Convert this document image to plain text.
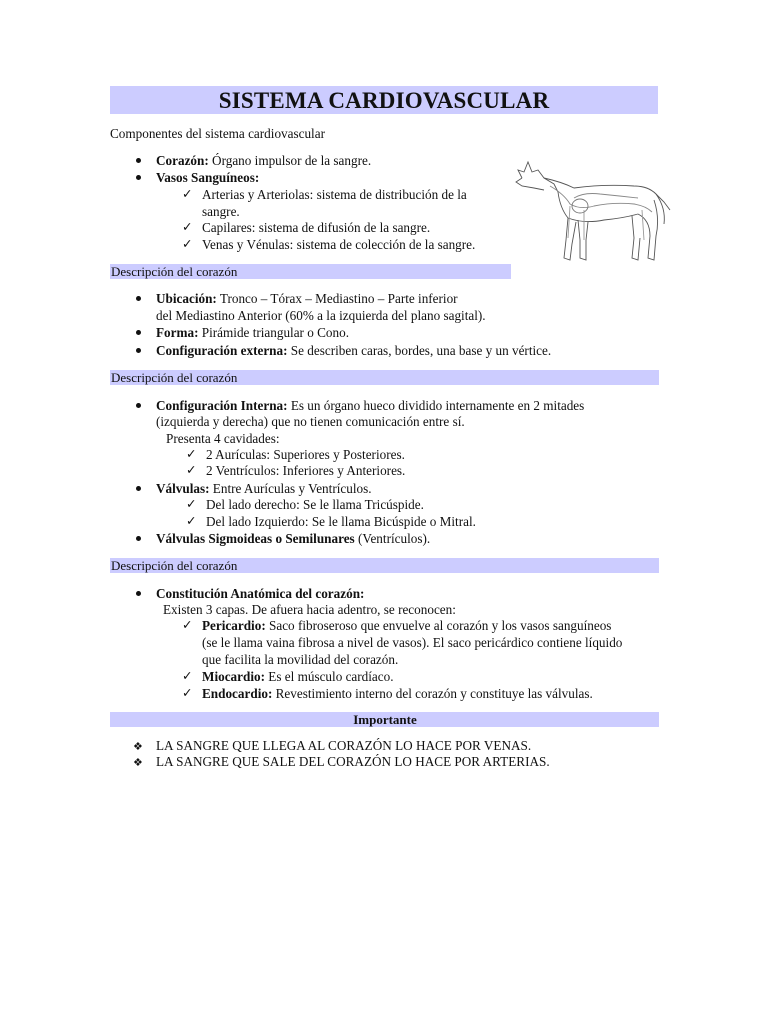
SISTEMA CARDIOVASCULAR
Componentes del sistema cardiovascular
Corazón: Órgano impulsor de la sangre.
Vasos Sanguíneos:
✓ Arterias y Arteriolas: sistema de distribución de la
sangre.
✓ Capilares: sistema de difusión de la sangre.
✓ Venas y Vénulas: sistema de colección de la sangre.
Descripción del corazón
Ubicación: Tronco – Tórax – Mediastino – Parte inferior
del Mediastino Anterior (60% a la izquierda del plano sagital).
Forma: Pirámide triangular o Cono.
Configuración externa: Se describen caras, bordes, una base y un vértice.
Descripción del corazón
Configuración Interna: Es un órgano hueco dividido internamente en 2 mitades
(izquierda y derecha) que no tienen comunicación entre sí.
Presenta 4 cavidades:
✓ 2 Aurículas: Superiores y Posteriores.
✓ 2 Ventrículos: Inferiores y Anteriores.
Válvulas: Entre Aurículas y Ventrículos.
✓ Del lado derecho: Se le llama Tricúspide.
✓ Del lado Izquierdo: Se le llama Bicúspide o Mitral.
Válvulas Sigmoideas o Semilunares (Ventrículos).
Descripción del corazón
Constitución Anatómica del corazón:
Existen 3 capas. De afuera hacia adentro, se reconocen:
✓ Pericardio: Saco fibroseroso que envuelve al corazón y los vasos sanguíneos
(se le llama vaina fibrosa a nivel de vasos). El saco pericárdico contiene líquido
que facilita la movilidad del corazón.
✓ Miocardio: Es el músculo cardíaco.
✓ Endocardio: Revestimiento interno del corazón y constituye las válvulas.
Importante
❖ LA SANGRE QUE LLEGA AL CORAZÓN LO HACE POR VENAS.
❖ LA SANGRE QUE SALE DEL CORAZÓN LO HACE POR ARTERIAS.
